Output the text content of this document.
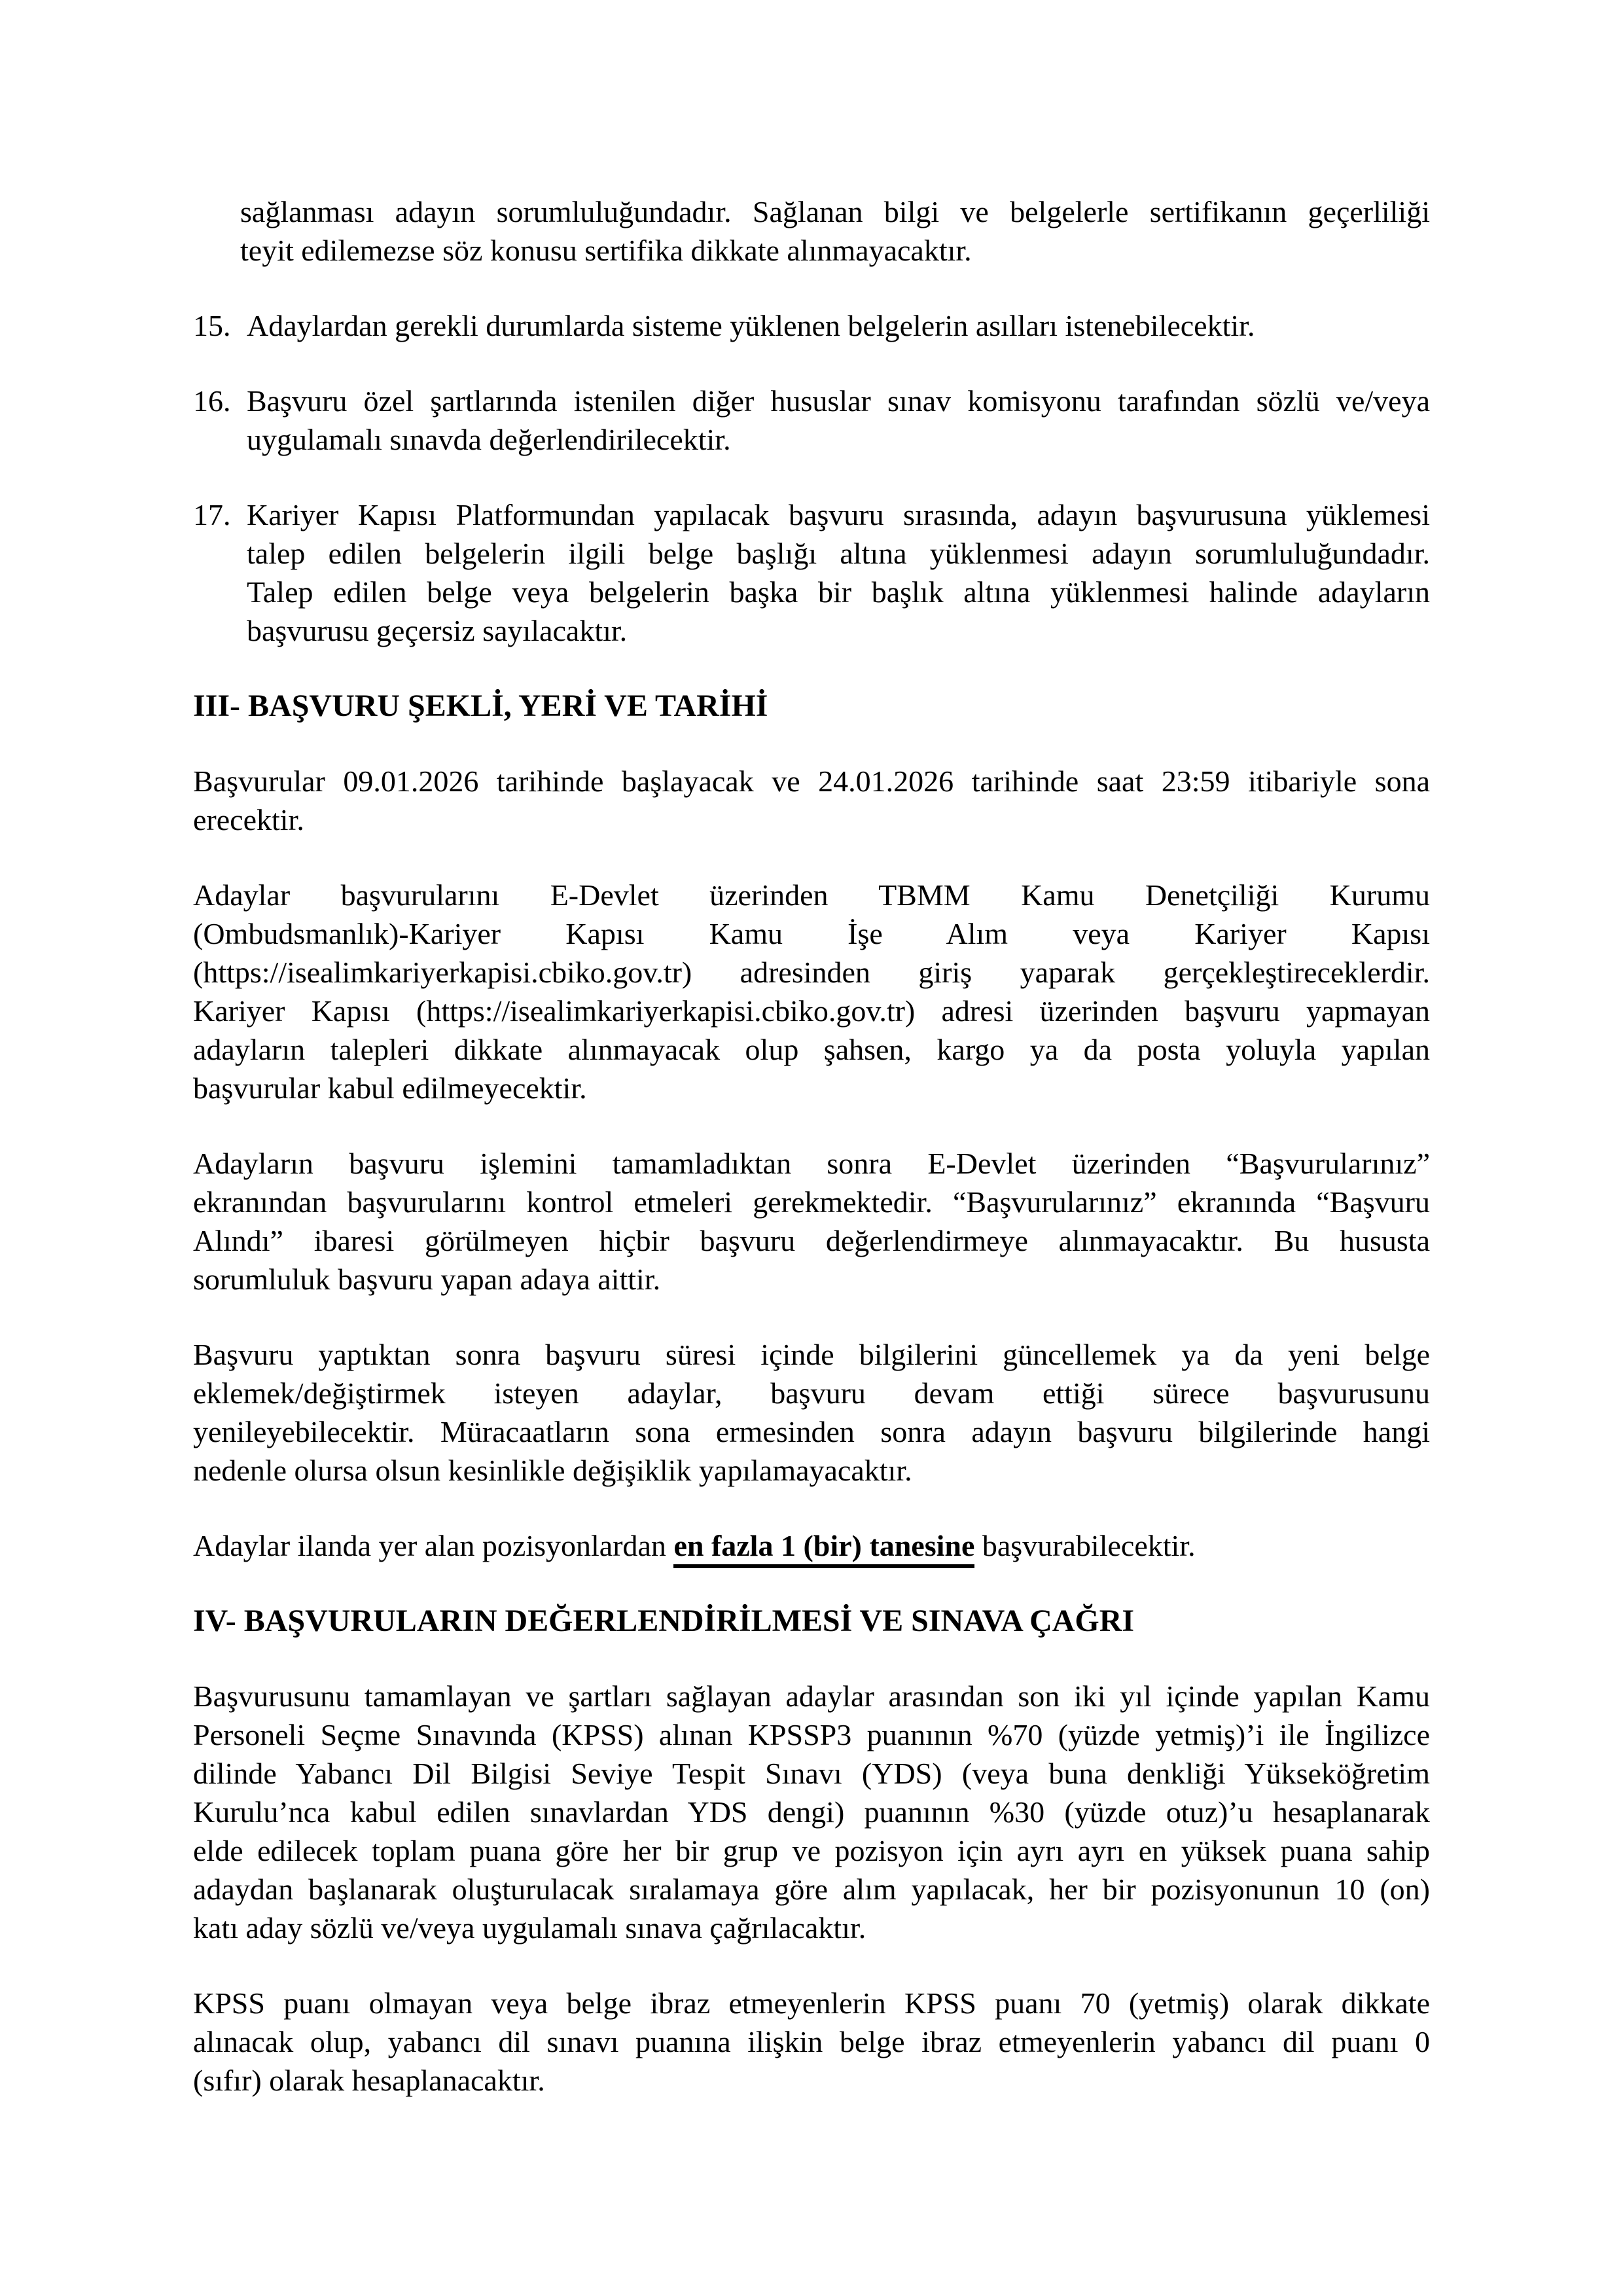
sağlanması adayın sorumluluğundadır. Sağlanan bilgi ve belgelerle sertifikanın geçerliliği
teyit edilemezse söz konusu sertifika dikkate alınmayacaktır.
15. Adaylardan gerekli durumlarda sisteme yüklenen belgelerin asılları istenebilecektir.
16. Başvuru özel şartlarında istenilen diğer hususlar sınav komisyonu tarafından sözlü ve/veya
uygulamalı sınavda değerlendirilecektir.
17. Kariyer Kapısı Platformundan yapılacak başvuru sırasında, adayın başvurusuna yüklemesi
talep edilen belgelerin ilgili belge başlığı altına yüklenmesi adayın sorumluluğundadır.
Talep edilen belge veya belgelerin başka bir başlık altına yüklenmesi halinde adayların
başvurusu geçersiz sayılacaktır.
III- BAŞVURU ŞEKLİ, YERİ VE TARİHİ
Başvurular 09.01.2026 tarihinde başlayacak ve 24.01.2026 tarihinde saat 23:59 itibariyle sona
erecektir.
Adaylar başvurularını E-Devlet üzerinden TBMM Kamu Denetçiliği Kurumu
(Ombudsmanlık)-Kariyer Kapısı Kamu İşe Alım veya Kariyer Kapısı
(https://isealimkariyerkapisi.cbiko.gov.tr) adresinden giriş yaparak gerçekleştireceklerdir.
Kariyer Kapısı (https://isealimkariyerkapisi.cbiko.gov.tr) adresi üzerinden başvuru yapmayan
adayların talepleri dikkate alınmayacak olup şahsen, kargo ya da posta yoluyla yapılan
başvurular kabul edilmeyecektir.
Adayların başvuru işlemini tamamladıktan sonra E-Devlet üzerinden “Başvurularınız”
ekranından başvurularını kontrol etmeleri gerekmektedir. “Başvurularınız” ekranında “Başvuru
Alındı” ibaresi görülmeyen hiçbir başvuru değerlendirmeye alınmayacaktır. Bu hususta
sorumluluk başvuru yapan adaya aittir.
Başvuru yaptıktan sonra başvuru süresi içinde bilgilerini güncellemek ya da yeni belge
eklemek/değiştirmek isteyen adaylar, başvuru devam ettiği sürece başvurusunu
yenileyebilecektir. Müracaatların sona ermesinden sonra adayın başvuru bilgilerinde hangi
nedenle olursa olsun kesinlikle değişiklik yapılamayacaktır.
Adaylar ilanda yer alan pozisyonlardan en fazla 1 (bir) tanesine başvurabilecektir.
IV- BAŞVURULARIN DEĞERLENDİRİLMESİ VE SINAVA ÇAĞRI
Başvurusunu tamamlayan ve şartları sağlayan adaylar arasından son iki yıl içinde yapılan Kamu
Personeli Seçme Sınavında (KPSS) alınan KPSSP3 puanının %70 (yüzde yetmiş)’i ile İngilizce
dilinde Yabancı Dil Bilgisi Seviye Tespit Sınavı (YDS) (veya buna denkliği Yükseköğretim
Kurulu’nca kabul edilen sınavlardan YDS dengi) puanının %30 (yüzde otuz)’u hesaplanarak
elde edilecek toplam puana göre her bir grup ve pozisyon için ayrı ayrı en yüksek puana sahip
adaydan başlanarak oluşturulacak sıralamaya göre alım yapılacak, her bir pozisyonunun 10 (on)
katı aday sözlü ve/veya uygulamalı sınava çağrılacaktır.
KPSS puanı olmayan veya belge ibraz etmeyenlerin KPSS puanı 70 (yetmiş) olarak dikkate
alınacak olup, yabancı dil sınavı puanına ilişkin belge ibraz etmeyenlerin yabancı dil puanı 0
(sıfır) olarak hesaplanacaktır.
